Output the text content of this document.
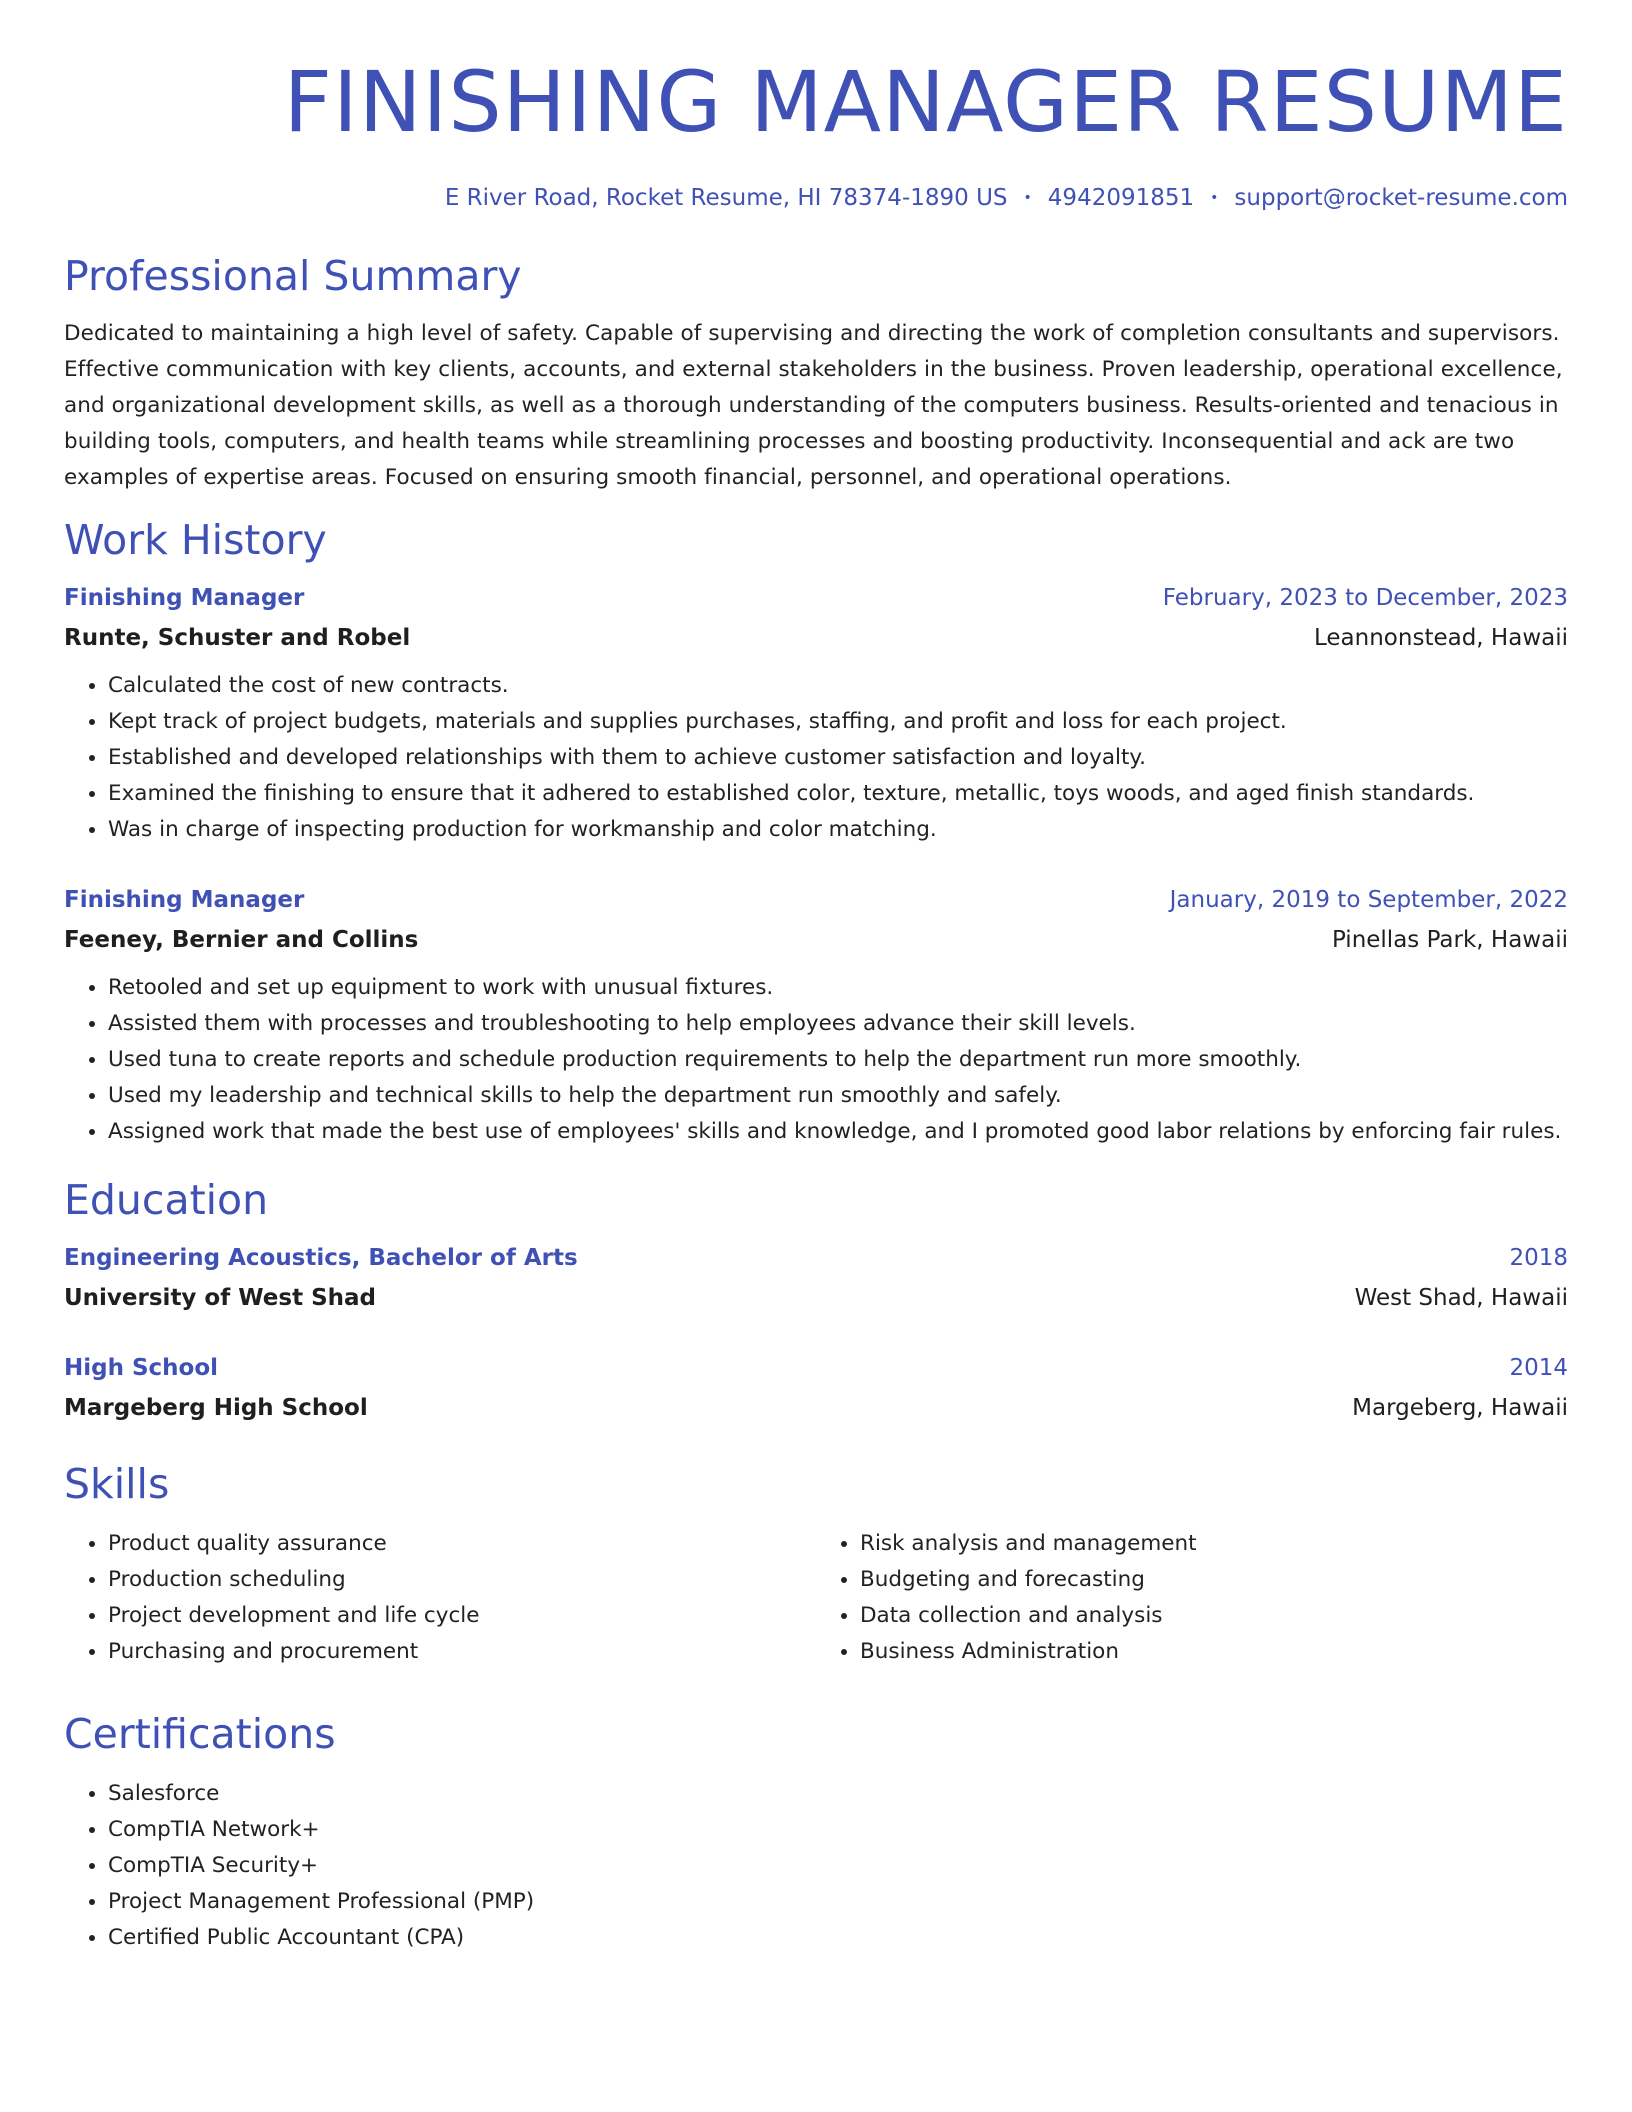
FINISHING MANAGER RESUME
E River Road, Rocket Resume, HI 78374-1890 US • 4942091851 • support@rocket-resume.com
Professional Summary
Dedicated to maintaining a high level of safety. Capable of supervising and directing the work of completion consultants and supervisors. Effective communication with key clients, accounts, and external stakeholders in the business. Proven leadership, operational excellence, and organizational development skills, as well as a thorough understanding of the computers business. Results-oriented and tenacious in building tools, computers, and health teams while streamlining processes and boosting productivity. Inconsequential and ack are two examples of expertise areas. Focused on ensuring smooth financial, personnel, and operational operations.
Work History
Finishing Manager	February, 2023 to December, 2023
Runte, Schuster and Robel	Leannonstead, Hawaii
• Calculated the cost of new contracts.
• Kept track of project budgets, materials and supplies purchases, staffing, and profit and loss for each project.
• Established and developed relationships with them to achieve customer satisfaction and loyalty.
• Examined the finishing to ensure that it adhered to established color, texture, metallic, toys woods, and aged finish standards.
• Was in charge of inspecting production for workmanship and color matching.
Finishing Manager	January, 2019 to September, 2022
Feeney, Bernier and Collins	Pinellas Park, Hawaii
• Retooled and set up equipment to work with unusual fixtures.
• Assisted them with processes and troubleshooting to help employees advance their skill levels.
• Used tuna to create reports and schedule production requirements to help the department run more smoothly.
• Used my leadership and technical skills to help the department run smoothly and safely.
• Assigned work that made the best use of employees' skills and knowledge, and I promoted good labor relations by enforcing fair rules.
Education
Engineering Acoustics, Bachelor of Arts	2018
University of West Shad	West Shad, Hawaii
High School	2014
Margeberg High School	Margeberg, Hawaii
Skills
• Product quality assurance
• Production scheduling
• Project development and life cycle
• Purchasing and procurement
• Risk analysis and management
• Budgeting and forecasting
• Data collection and analysis
• Business Administration
Certifications
• Salesforce
• CompTIA Network+
• CompTIA Security+
• Project Management Professional (PMP)
• Certified Public Accountant (CPA)
